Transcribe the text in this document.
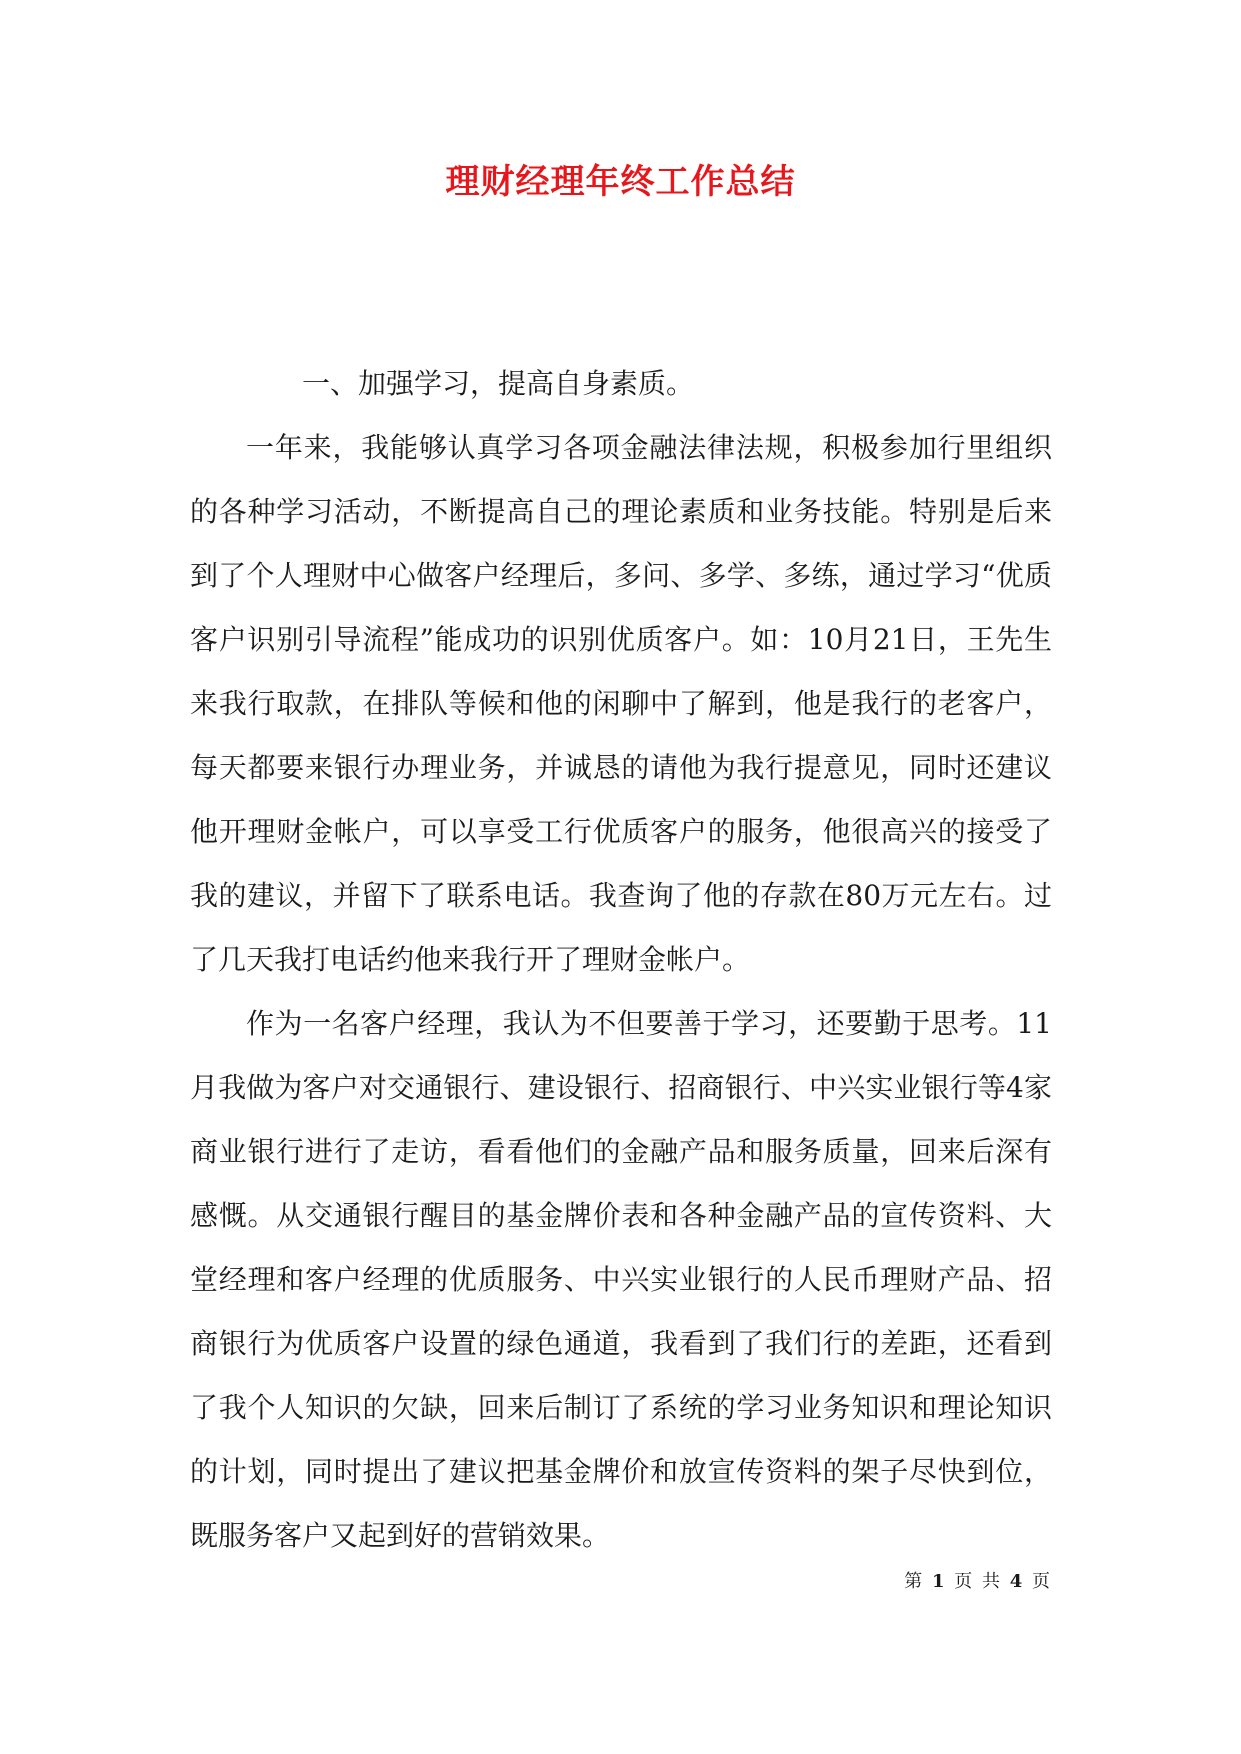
理财经理年终工作总结

一、加强学习，提高自身素质。

一年来，我能够认真学习各项金融法律法规，积极参加行里组织的各种学习活动，不断提高自己的理论素质和业务技能。特别是后来到了个人理财中心做客户经理后，多问、多学、多练，通过学习“优质客户识别引导流程”能成功的识别优质客户。如：10月21日，王先生来我行取款，在排队等候和他的闲聊中了解到，他是我行的老客户，每天都要来银行办理业务，并诚恳的请他为我行提意见，同时还建议他开理财金帐户，可以享受工行优质客户的服务，他很高兴的接受了我的建议，并留下了联系电话。我查询了他的存款在80万元左右。过了几天我打电话约他来我行开了理财金帐户。

作为一名客户经理，我认为不但要善于学习，还要勤于思考。11月我做为客户对交通银行、建设银行、招商银行、中兴实业银行等4家商业银行进行了走访，看看他们的金融产品和服务质量，回来后深有感慨。从交通银行醒目的基金牌价表和各种金融产品的宣传资料、大堂经理和客户经理的优质服务、中兴实业银行的人民币理财产品、招商银行为优质客户设置的绿色通道，我看到了我们行的差距，还看到了我个人知识的欠缺，回来后制订了系统的学习业务知识和理论知识的计划，同时提出了建议把基金牌价和放宣传资料的架子尽快到位，既服务客户又起到好的营销效果。

第 1 页 共 4 页
